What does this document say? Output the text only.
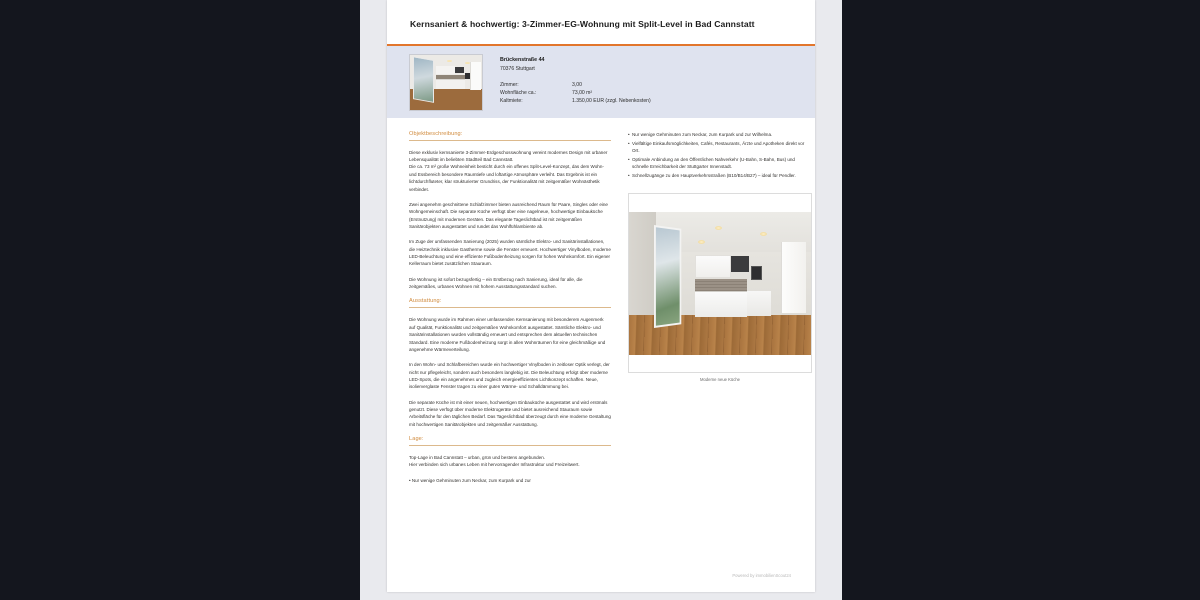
Kernsaniert & hochwertig: 3-Zimmer-EG-Wohnung mit Split-Level in Bad Cannstatt
Brückenstraße 44
70376 Stuttgart
Zimmer:	3,00
Wohnfläche ca.:	73,00 m²
Kaltmiete:	1.350,00 EUR (zzgl. Nebenkosten)
Objektbeschreibung:

Diese exklusiv kernsanierte 3-Zimmer-Erdgeschosswohnung vereint modernes Design mit urbaner Lebensqualität im beliebten Stadtteil Bad Cannstatt.
Die ca. 73 m² große Wohneinheit besticht durch ein offenes Split-Level-Konzept, das dem Wohn- und Essbereich besondere Raumtiefe und loftartige Atmosphäre verleiht. Das Ergebnis ist ein lichtdurchfluteter, klar strukturierter Grundriss, der Funktionalität mit zeitgemäßer Wohnästhetik verbindet.

Zwei angenehm geschnittene Schlafzimmer bieten ausreichend Raum für Paare, Singles oder eine Wohngemeinschaft. Die separate Küche verfügt über eine nagelneue, hochwertige Einbauküche (Erstnutzung) mit modernen Geräten. Das elegante Tageslichtbad ist mit zeitgemäßen Sanitärobjekten ausgestattet und rundet das Wohlfühlambiente ab.

Im Zuge der umfassenden Sanierung (2025) wurden sämtliche Elektro- und Sanitärinstallationen, die Heiztechnik inklusive Gastherme sowie die Fenster erneuert. Hochwertiger Vinylboden, moderne LED-Beleuchtung und eine effiziente Fußbodenheizung sorgen für hohen Wohnkomfort. Ein eigener Kellerraum bietet zusätzlichen Stauraum.

Die Wohnung ist sofort bezugsfertig – ein Erstbezug nach Sanierung, ideal für alle, die zeitgemäßes, urbanes Wohnen mit hohem Ausstattungsstandard suchen.

Ausstattung:

Die Wohnung wurde im Rahmen einer umfassenden Kernsanierung mit besonderem Augenmerk auf Qualität, Funktionalität und zeitgemäßen Wohnkomfort ausgestattet. Sämtliche Elektro- und Sanitärinstallationen wurden vollständig erneuert und entsprechen dem aktuellen technischen Standard. Eine moderne Fußbodenheizung sorgt in allen Wohnräumen für eine gleichmäßige und angenehme Wärmeverteilung.

In den Wohn- und Schlafbereichen wurde ein hochwertiger Vinylboden in zeitloser Optik verlegt, der nicht nur pflegeleicht, sondern auch besonders langlebig ist. Die Beleuchtung erfolgt über moderne LED-Spots, die ein angenehmes und zugleich energieeffizientes Lichtkonzept schaffen. Neue, isolierverglaste Fenster tragen zu einer guten Wärme- und Schalldämmung bei.

Die separate Küche ist mit einer neuen, hochwertigen Einbauküche ausgestattet und wird erstmals genutzt. Diese verfügt über moderne Elektrogeräte und bietet ausreichend Stauraum sowie Arbeitsfläche für den täglichen Bedarf. Das Tageslichtbad überzeugt durch eine moderne Gestaltung mit hochwertigen Sanitärobjekten und zeitgemäßer Ausstattung.

Lage:

Top-Lage in Bad Cannstatt – urban, grün und bestens angebunden.
Hier verbinden sich urbanes Leben mit hervorragender Infrastruktur und Freizeitwert.

• Nur wenige Gehminuten zum Neckar, zum Kurpark und zur

• Nur wenige Gehminuten zum Neckar, zum Kurpark und zur Wilhelma.
• Vielfältige Einkaufsmöglichkeiten, Cafés, Restaurants, Ärzte und Apotheken direkt vor Ort.
• Optimale Anbindung an den Öffentlichen Nahverkehr (U-Bahn, S-Bahn, Bus) und schnelle Erreichbarkeit der Stuttgarter Innenstadt.
• Schnellzugänge zu den Hauptverkehrsstraßen (B10/B14/B27) – ideal für Pendler.
Moderne neue Küche
Powered by immobilienScout24
